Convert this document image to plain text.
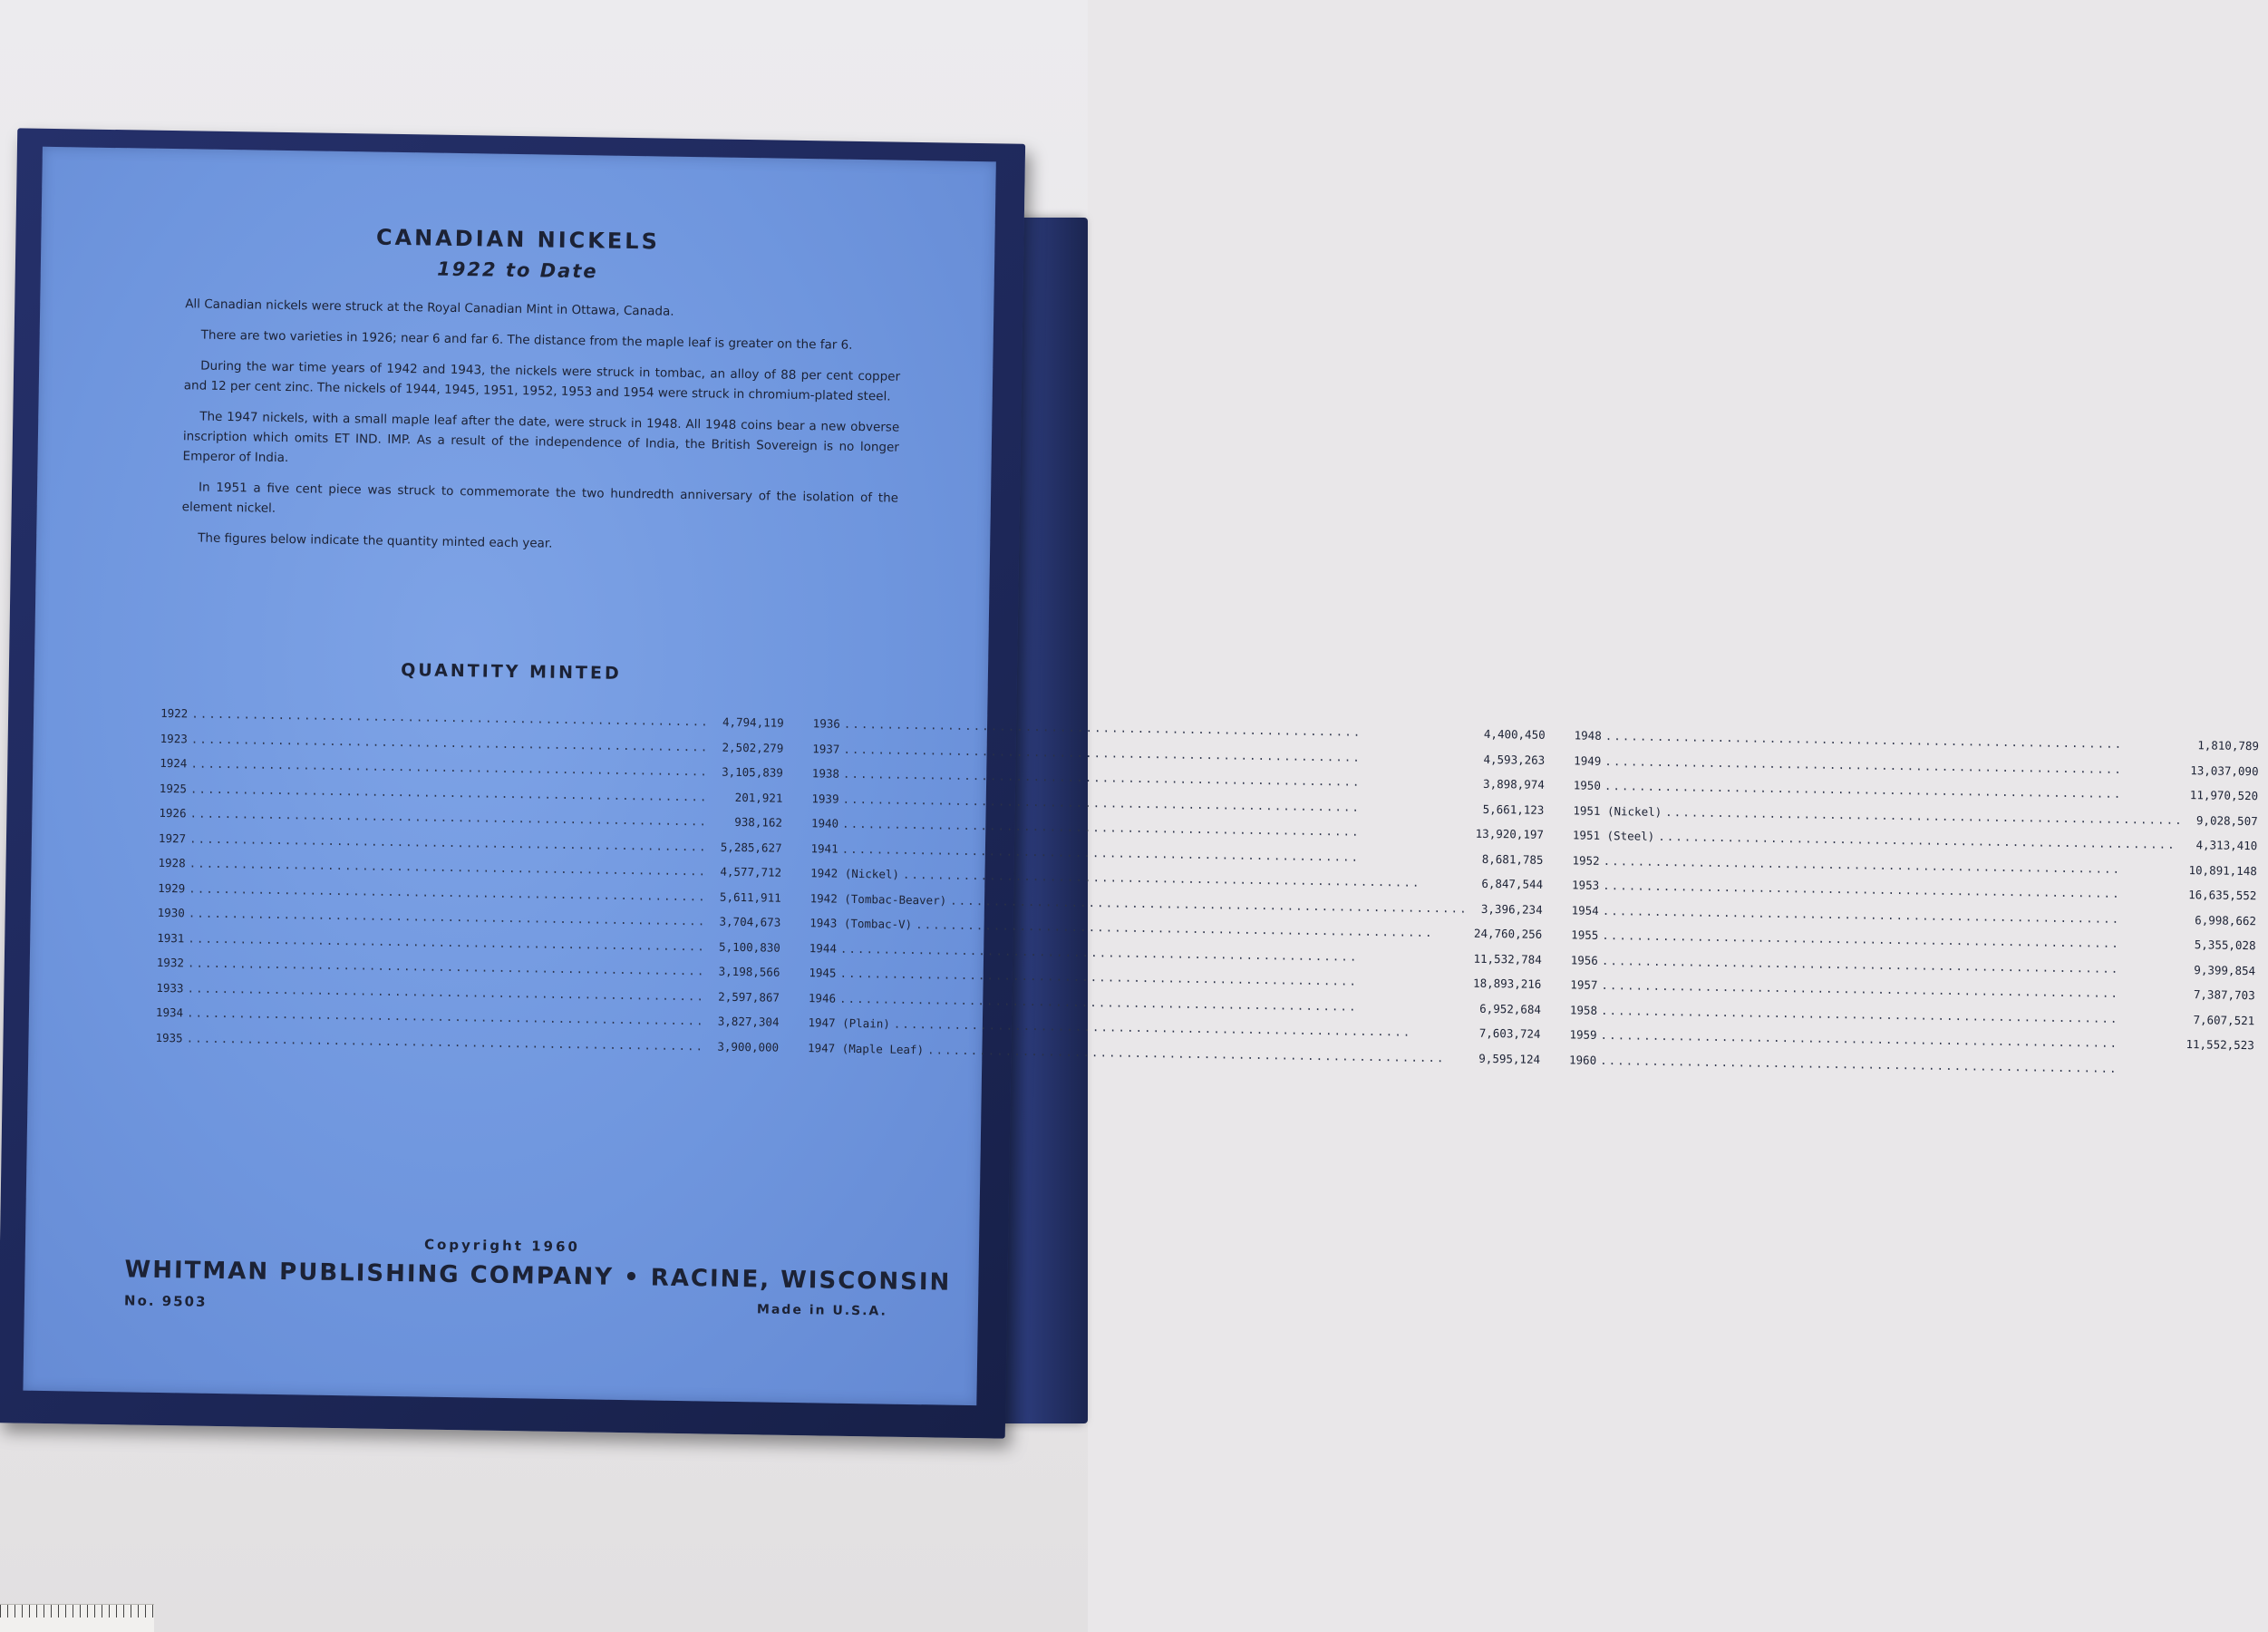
CANADIAN NICKELS
1922 to Date

All Canadian nickels were struck at the Royal Canadian Mint in Ottawa, Canada.

There are two varieties in 1926; near 6 and far 6. The distance from the maple leaf is greater on the far 6.

During the war time years of 1942 and 1943, the nickels were struck in tombac, an alloy of 88 per cent copper and 12 per cent zinc. The nickels of 1944, 1945, 1951, 1952, 1953 and 1954 were struck in chromium-plated steel.

The 1947 nickels, with a small maple leaf after the date, were struck in 1948. All 1948 coins bear a new obverse inscription which omits ET IND. IMP. As a result of the independence of India, the British Sovereign is no longer Emperor of India.

In 1951 a five cent piece was struck to commemorate the two hundredth anniversary of the isolation of the element nickel.

The figures below indicate the quantity minted each year.

QUANTITY MINTED
1922 ............................................................	4,794,119
1923 ............................................................	2,502,279
1924 ............................................................	3,105,839
1925 ............................................................	201,921
1926 ............................................................	938,162
1927 ............................................................	5,285,627
1928 ............................................................	4,577,712
1929 ............................................................	5,611,911
1930 ............................................................	3,704,673
1931 ............................................................	5,100,830
1932 ............................................................	3,198,566
1933 ............................................................	2,597,867
1934 ............................................................	3,827,304
1935 ............................................................	3,900,000
1936 ............................................................	4,400,450
1937 ............................................................	4,593,263
1938 ............................................................	3,898,974
1939 ............................................................	5,661,123
1940 ............................................................	13,920,197
1941 ............................................................	8,681,785
1942 (Nickel) ............................................................	6,847,544
1942 (Tombac-Beaver) ............................................................	3,396,234
1943 (Tombac-V) ............................................................	24,760,256
1944 ............................................................	11,532,784
1945 ............................................................	18,893,216
1946 ............................................................	6,952,684
1947 (Plain) ............................................................	7,603,724
1947 (Maple Leaf) ............................................................	9,595,124
1948 ............................................................	1,810,789
1949 ............................................................	13,037,090
1950 ............................................................	11,970,520
1951 (Nickel) ............................................................	9,028,507
1951 (Steel) ............................................................	4,313,410
1952 ............................................................	10,891,148
1953 ............................................................	16,635,552
1954 ............................................................	6,998,662
1955 ............................................................	5,355,028
1956 ............................................................	9,399,854
1957 ............................................................	7,387,703
1958 ............................................................	7,607,521
1959 ............................................................	11,552,523
1960 ............................................................
Copyright 1960
WHITMAN PUBLISHING COMPANY • RACINE, WISCONSIN
No. 9503
Made in U.S.A.
